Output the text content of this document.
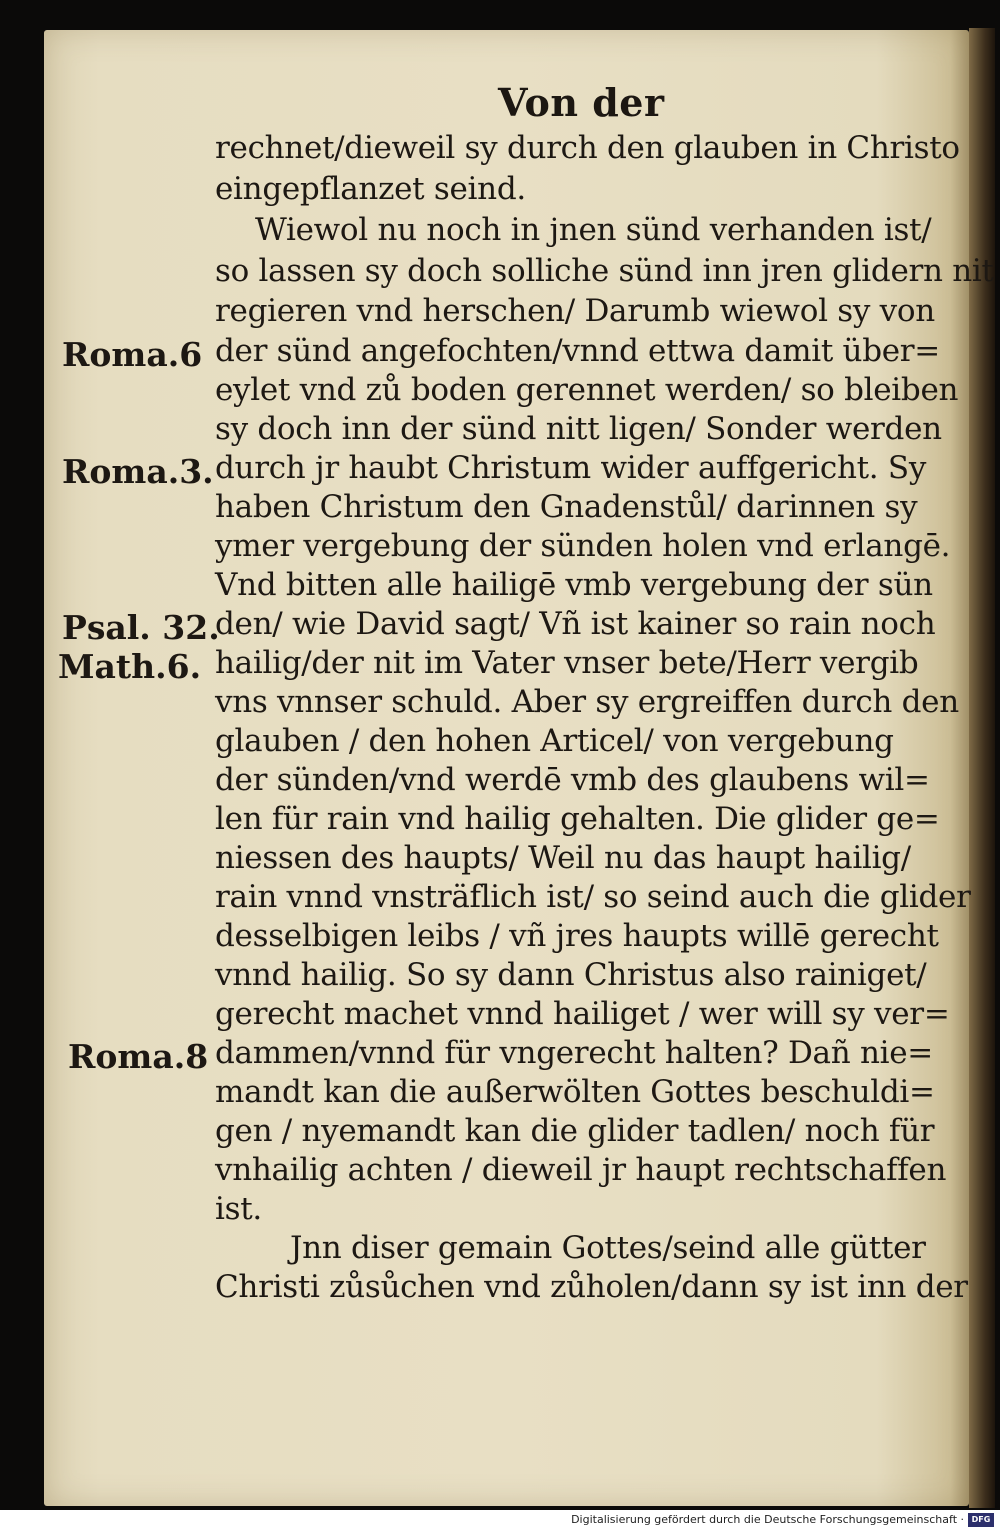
Von der
rechnet/dieweil sy durch den glauben in Christo
eingepflanzet seind.
Wiewol nu noch in jnen sünd verhanden ist/
so lassen sy doch solliche sünd inn jren glidern nit
regieren vnd herschen/ Darumb wiewol sy von
der sünd angefochten/vnnd ettwa damit über=
eylet vnd zů boden gerennet werden/ so bleiben
sy doch inn der sünd nitt ligen/ Sonder werden
durch jr haubt Christum wider auffgericht. Sy
haben Christum den Gnadenstůl/ darinnen sy
ymer vergebung der sünden holen vnd erlangē.
Vnd bitten alle hailigē vmb vergebung der sün
den/ wie David sagt/ Vñ ist kainer so rain noch
hailig/der nit im Vater vnser bete/Herr vergib
vns vnnser schuld. Aber sy ergreiffen durch den
glauben / den hohen Articel/ von vergebung
der sünden/vnd werdē vmb des glaubens wil=
len für rain vnd hailig gehalten. Die glider ge=
niessen des haupts/ Weil nu das haupt hailig/
rain vnnd vnsträflich ist/ so seind auch die glider
desselbigen leibs / vñ jres haupts willē gerecht
vnnd hailig. So sy dann Christus also rainiget/
gerecht machet vnnd hailiget / wer will sy ver=
dammen/vnnd für vngerecht halten? Dañ nie=
mandt kan die außerwölten Gottes beschuldi=
gen / nyemandt kan die glider tadlen/ noch für
vnhailig achten / dieweil jr haupt rechtschaffen
ist.
Jnn diser gemain Gottes/seind alle gütter
Christi zůsůchen vnd zůholen/dann sy ist inn der
Roma.6
Roma.3.
Psal. 32.
Math.6.
Roma.8
Digitalisierung gefördert durch die Deutsche Forschungsgemeinschaft · DFG
